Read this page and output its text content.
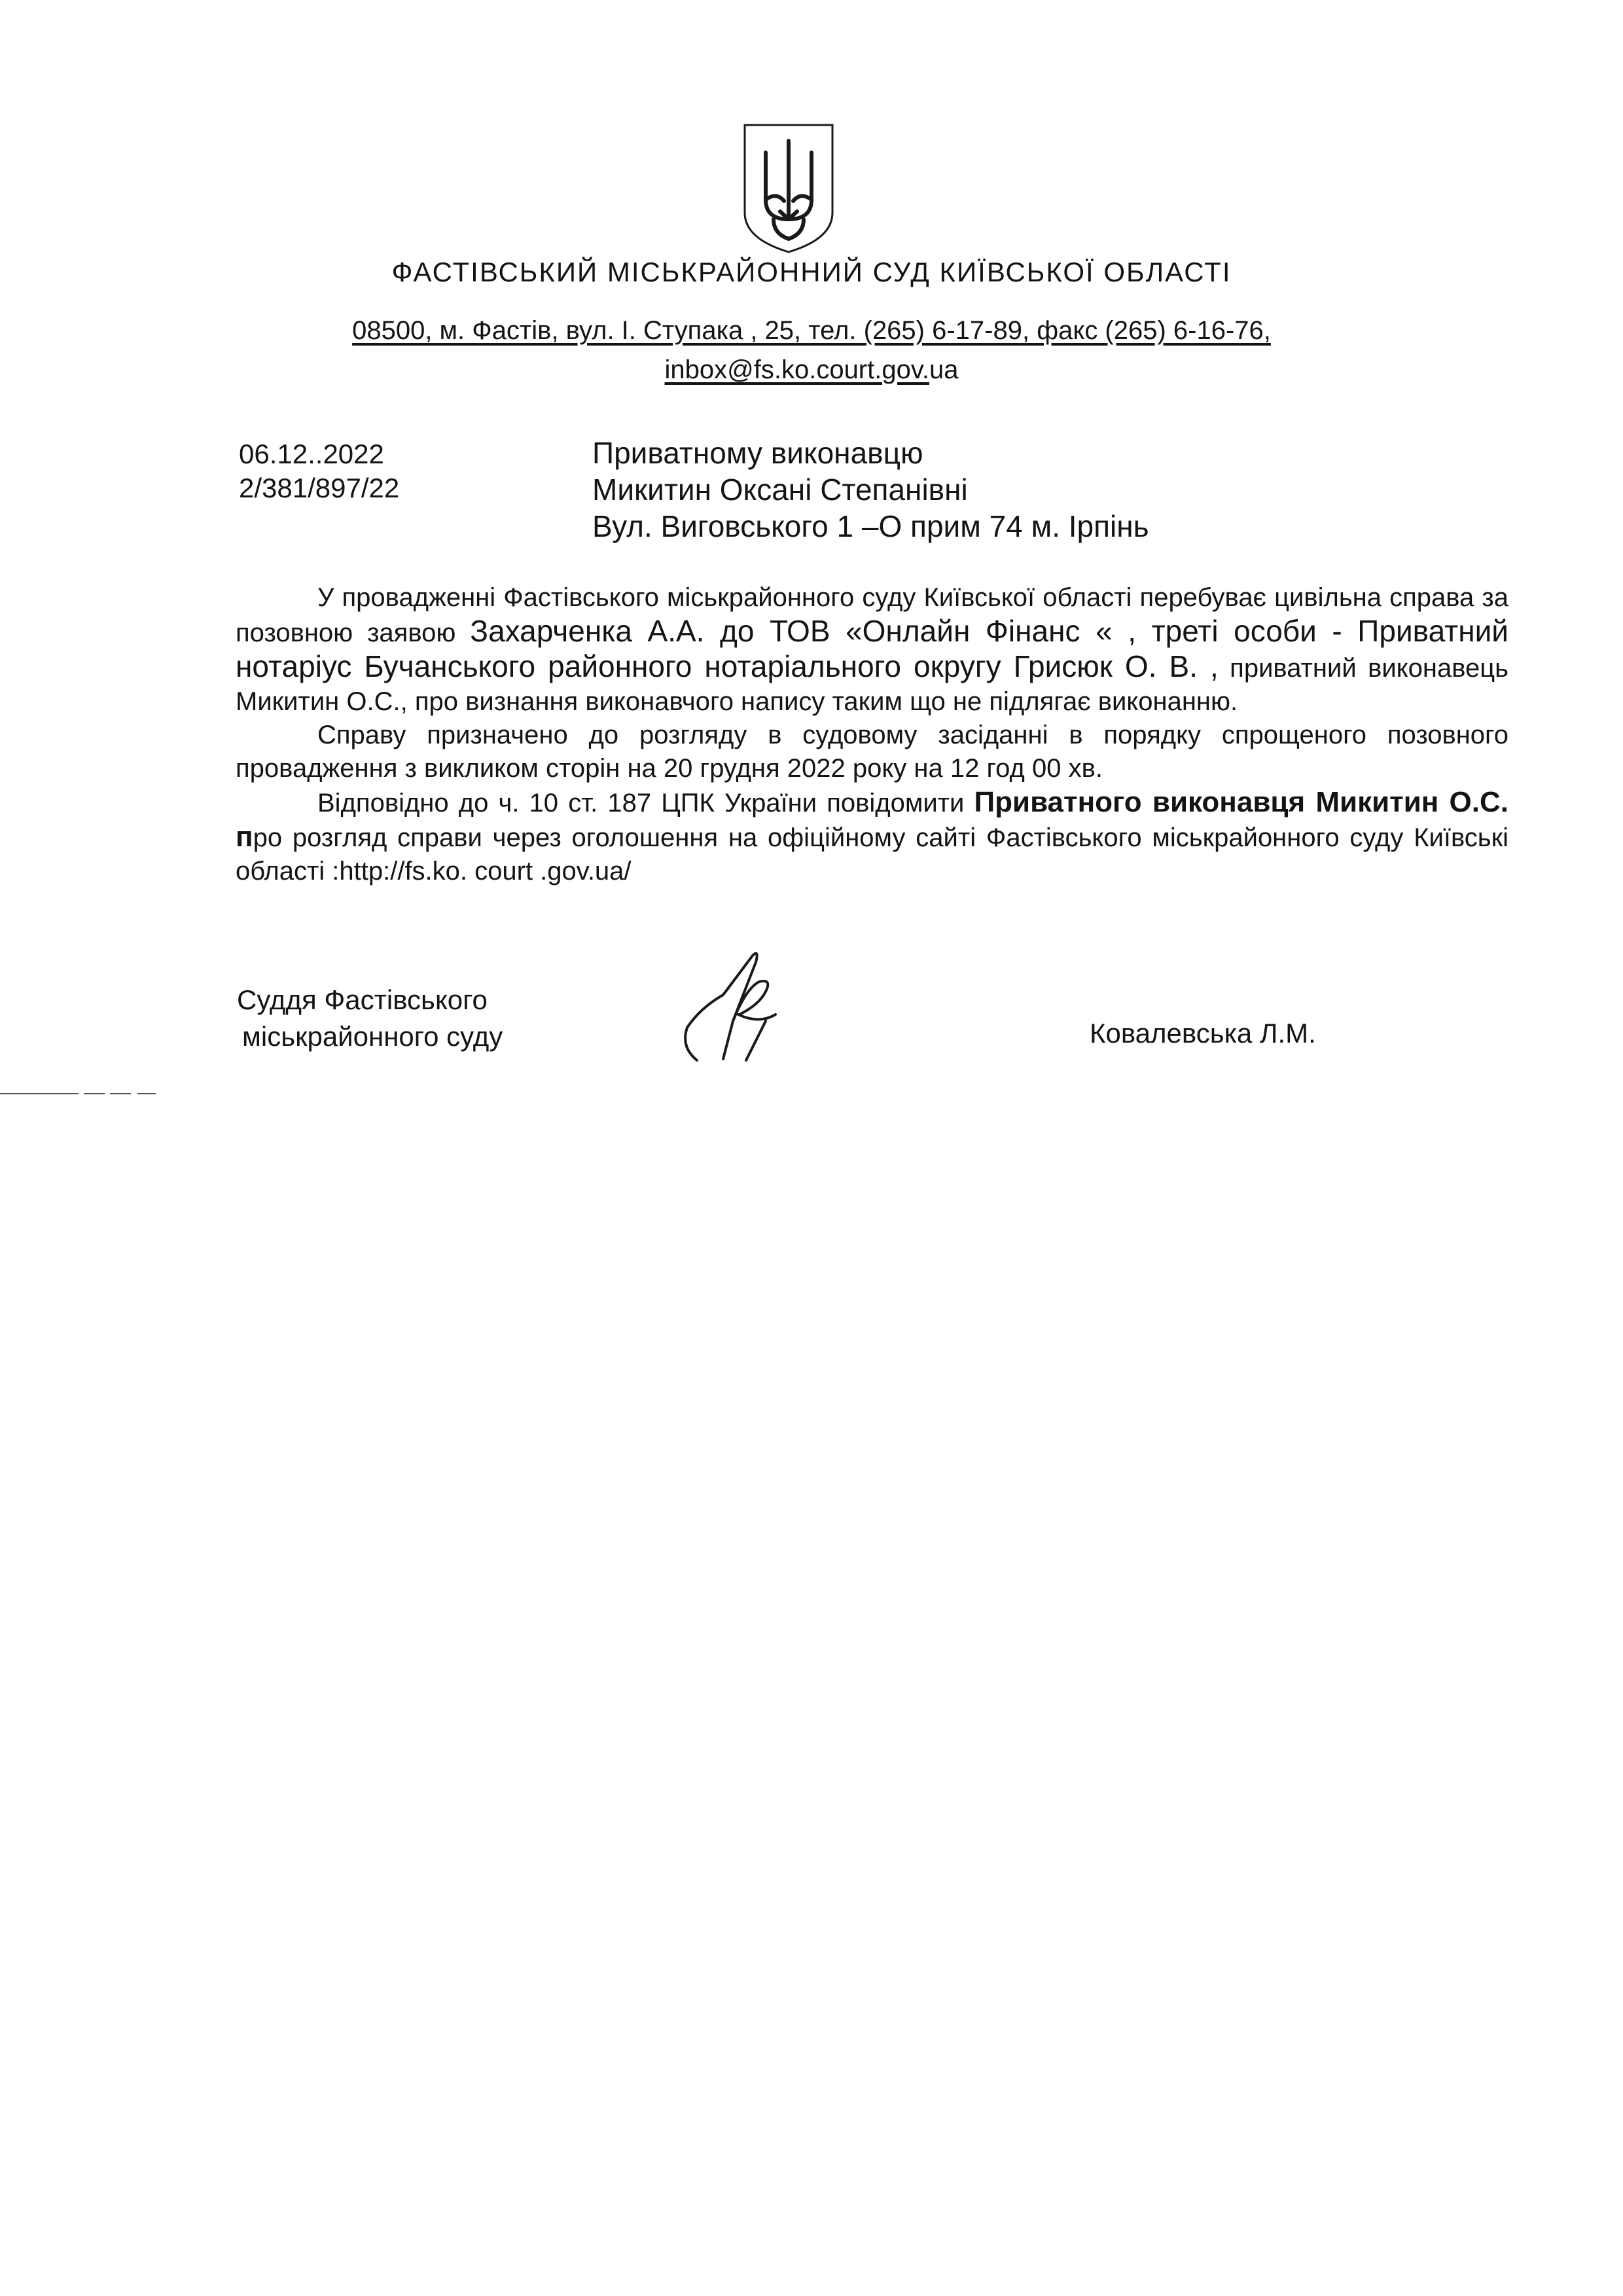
ФАСТІВСЬКИЙ МІСЬКРАЙОННИЙ СУД КИЇВСЬКОЇ ОБЛАСТІ
08500, м. Фастів, вул. І. Ступака , 25, тел. (265) 6-17-89, факс (265) 6-16-76,
inbox@fs.ko.court.gov.ua
06.12..2022
2/381/897/22
Приватному виконавцю
Микитин Оксані Степанівні
Вул. Виговського 1 –О прим 74 м. Ірпінь

У провадженні Фастівського міськрайонного суду Київської області перебуває цивільна справа за позовною заявою Захарченка А.А. до ТОВ «Онлайн Фінанс « , треті особи - Приватний нотаріус Бучанського районного нотаріального округу Грисюк О. В. , приватний виконавець Микитин О.С., про визнання виконавчого напису таким що не підлягає виконанню.

Справу призначено до розгляду в судовому засіданні в порядку спрощеного позовного провадження з викликом сторін на 20 грудня 2022 року на 12 год 00 хв.

Відповідно до ч. 10 ст. 187 ЦПК України повідомити Приватного виконавця Микитин О.С. про розгляд справи через оголошення на офіційному сайті Фастівського міськрайонного суду Київські області :http://fs.ko. court .gov.ua/

Суддя Фастівського
міськрайонного суду	Ковалевська Л.М.
